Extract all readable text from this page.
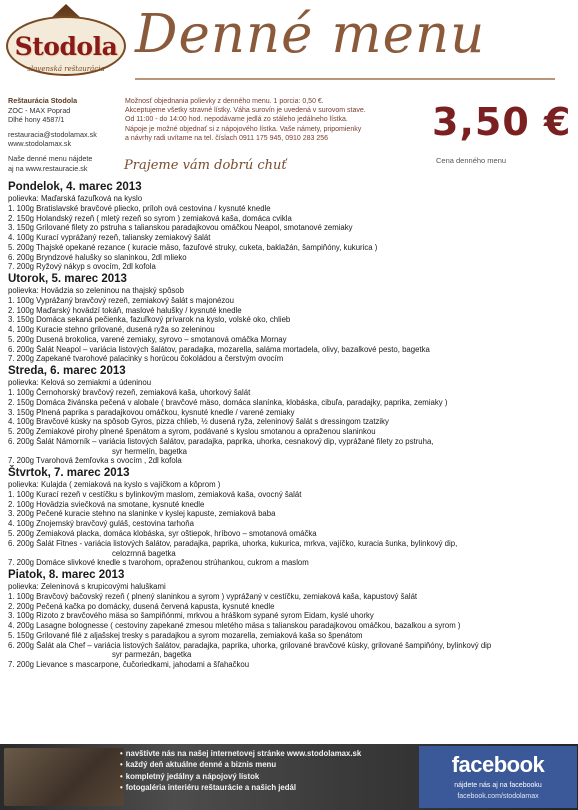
Stodola
slovenská reštaurácia
Denné menu
Reštaurácia Stodola
ZOC - MAX Poprad
Dlhé hony 4587/1
restauracia@stodolamax.sk
www.stodolamax.sk
Naše denné menu nájdete
aj na www.restauracie.sk
Možnosť objednania polievky z denného menu. 1 porcia: 0,50 €.
Akceptujeme všetky stravné lístky. Váha surovín je uvedená v surovom stave.
Od 11:00 - do 14:00 hod. nepodávame jedlá zo stáleho jedálneho lístka.
Nápoje je možné objednať si z nápojového lístka. Vaše námety, pripomienky
a návrhy radi uvítame na tel. číslach 0911 175 945, 0910 283 256	3,50 €
Cena denného menu
Prajeme vám dobrú chuť
Pondelok, 4. marec 2013
polievka: Maďarská fazuľková na kyslo
1. 100g Bratislavské bravčové pliecko, príloh ová cestovina / kysnuté knedle
2. 150g Holandský rezeň ( mletý rezeň so syrom ) zemiaková kaša, domáca cvikla
3. 150g Grilované filety zo pstruha s talianskou paradajkovou omáčkou Neapol, smotanové zemiaky
4. 100g Kurací vyprážaný rezeň, taliansky zemiakový šalát
5. 200g Thajské opekané rezance ( kuracie mäso, fazuľové struky, cuketa, baklažán, šampiňóny, kukurica )
6. 200g Bryndzové halušky so slaninkou, 2dl mlieko
7. 200g Ryžový nákyp s ovocím, 2dl kofola
Utorok, 5. marec 2013
polievka: Hovädzia so zeleninou na thajský spôsob
1. 100g Vyprážaný bravčový rezeň, zemiakový šalát s majonézou
2. 100g Maďarský hovädzí tokáň, maslové halušky / kysnuté knedle
3. 150g Domáca sekaná pečienka, fazuľkový prívarok na kyslo, volské oko, chlieb
4. 100g Kuracie stehno grilované, dusená ryža so zeleninou
5. 200g Dusená brokolica, varené zemiaky, syrovo – smotanová omáčka Mornay
6. 200g Šalát Neapol – variácia listových šalátov, paradajka, mozarella, saláma mortadela, olivy, bazalkové pesto, bagetka
7. 200g Zapekané tvarohové palacinky s horúcou čokoládou a čerstvým ovocím
Streda, 6. marec 2013
polievka: Kelová so zemiakmi a údeninou
1. 100g Černohorský bravčový rezeň, zemiaková kaša, uhorkový šalát
2. 150g Domáca živánska pečená v alobale ( bravčové mäso, domáca slanínka, klobáska, cibuľa, paradajky, paprika, zemiaky )
3. 150g Plnená paprika s paradajkovou omáčkou, kysnuté knedle / varené zemiaky
4. 100g Bravčové kúsky na spôsob Gyros, pizza chlieb, ½ dusená ryža, zeleninový šalát s dressingom tzatziky
5. 200g Zemiakové pirohy plnené špenátom a syrom, podávané s kyslou smotanou a opraženou slaninkou
6. 200g Šalát Námorník – variácia listových šalátov, paradajka, paprika, uhorka, cesnakový dip, vyprážané filety zo pstruha,
syr hermelín, bagetka
7. 200g Tvarohová žemľovka s ovocím , 2dl kofola
Štvrtok, 7. marec 2013
polievka: Kulajda ( zemiaková na kyslo s vajíčkom a kôprom )
1. 100g Kurací rezeň v cestíčku s bylinkovým maslom, zemiaková kaša, ovocný šalát
2. 100g Hovädzia sviečková na smotane, kysnuté knedle
3. 200g Pečené kuracie stehno na slaninke v kyslej kapuste, zemiaková baba
4. 100g Znojemský bravčový guláš, cestovina tarhoňa
5. 200g Zemiaková placka, domáca klobáska, syr oštiepok, hríbovo – smotanová omáčka
6. 200g Šalát Fitnes - variácia listových šalátov, paradajka, paprika, uhorka, kukurica, mrkva, vajíčko, kuracia šunka, bylinkový dip,
celozrnná bagetka
7. 200g Domáce slivkové knedle s tvarohom, opraženou strúhankou, cukrom a maslom
Piatok, 8. marec 2013
polievka: Zeleninová s krupicovými haluškami
1. 100g Bravčový bačovský rezeň ( plnený slaninkou a syrom ) vyprážaný v cestíčku, zemiaková kaša, kapustový šalát
2. 200g Pečená kačka po domácky, dusená červená kapusta, kysnuté knedle
3. 100g Rizoto z bravčového mäsa so šampiňónmi, mrkvou a hráškom sypané syrom Eidam, kyslé uhorky
4. 200g Lasagne bolognesse ( cestoviny zapekané zmesou mletého mäsa s talianskou paradajkovou omáčkou, bazalkou a syrom )
5. 150g Grilované filé z aljašskej tresky s paradajkou a syrom mozarella, zemiaková kaša so špenátom
6. 200g Šalát ala Chef – variácia listových šalátov, paradajka, paprika, uhorka, grilované bravčové kúsky, grilované šampiňóny, bylinkový dip
syr parmezán, bagetka
7. 200g Lievance s mascarpone, čučoriedkami, jahodami a šľahačkou
• navštívte nás na našej internetovej stránke www.stodolamax.sk
• každý deň aktuálne denné a biznis menu
• kompletný jedálny a nápojový lístok
• fotogaléria interiéru reštaurácie a našich jedál
facebook
nájdete nás aj na facebooku
facebook.com/stodolamax
